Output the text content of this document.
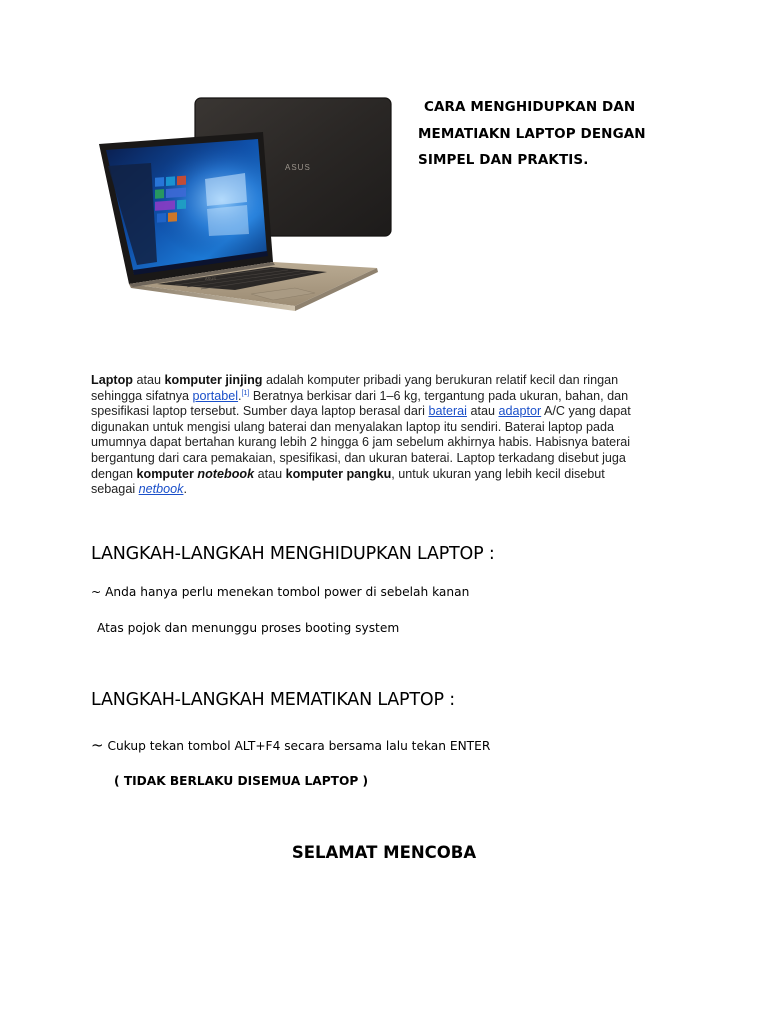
ASUS
ASUS
CARA MENGHIDUPKAN DAN
MEMATIAKN LAPTOP DENGAN
SIMPEL DAN PRAKTIS.
Laptop atau komputer jinjing adalah komputer pribadi yang berukuran relatif kecil dan ringan
sehingga sifatnya portabel.[1] Beratnya berkisar dari 1–6 kg, tergantung pada ukuran, bahan, dan
spesifikasi laptop tersebut. Sumber daya laptop berasal dari baterai atau adaptor A/C yang dapat
digunakan untuk mengisi ulang baterai dan menyalakan laptop itu sendiri. Baterai laptop pada
umumnya dapat bertahan kurang lebih 2 hingga 6 jam sebelum akhirnya habis. Habisnya baterai
bergantung dari cara pemakaian, spesifikasi, dan ukuran baterai. Laptop terkadang disebut juga
dengan komputer notebook atau komputer pangku, untuk ukuran yang lebih kecil disebut
sebagai netbook.
LANGKAH-LANGKAH MENGHIDUPKAN LAPTOP :
~ Anda hanya perlu menekan tombol power di sebelah kanan
Atas pojok dan menunggu proses booting system
LANGKAH-LANGKAH MEMATIKAN LAPTOP :
~ Cukup tekan tombol ALT+F4 secara bersama lalu tekan ENTER
( TIDAK BERLAKU DISEMUA LAPTOP )
SELAMAT MENCOBA
